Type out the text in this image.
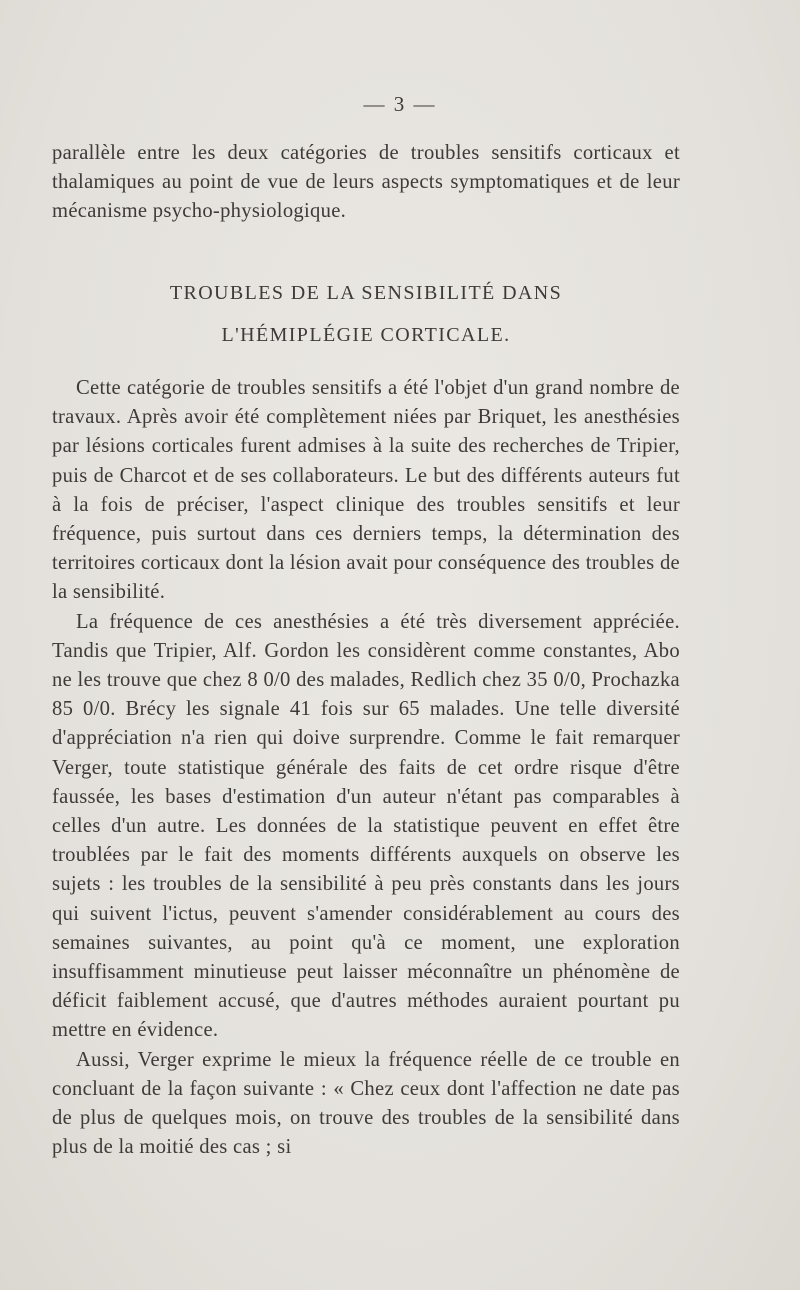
— 3 —
parallèle entre les deux catégories de troubles sensitifs corticaux et thalamiques au point de vue de leurs aspects symptomatiques et de leur mécanisme psycho-physiologique.
TROUBLES DE LA SENSIBILITÉ DANS
L'HÉMIPLÉGIE CORTICALE.

Cette catégorie de troubles sensitifs a été l'objet d'un grand nombre de travaux. Après avoir été complètement niées par Briquet, les anesthésies par lésions corticales furent admises à la suite des recherches de Tripier, puis de Charcot et de ses collaborateurs. Le but des différents auteurs fut à la fois de préciser, l'aspect clinique des troubles sensitifs et leur fréquence, puis surtout dans ces derniers temps, la détermination des territoires corticaux dont la lésion avait pour conséquence des troubles de la sensibilité.

La fréquence de ces anesthésies a été très diversement appréciée. Tandis que Tripier, Alf. Gordon les considèrent comme constantes, Abo ne les trouve que chez 8 0/0 des malades, Redlich chez 35 0/0, Prochazka 85 0/0. Brécy les signale 41 fois sur 65 malades. Une telle diversité d'appréciation n'a rien qui doive surprendre. Comme le fait remarquer Verger, toute statistique générale des faits de cet ordre risque d'être faussée, les bases d'estimation d'un auteur n'étant pas comparables à celles d'un autre. Les données de la statistique peuvent en effet être troublées par le fait des moments différents auxquels on observe les sujets : les troubles de la sensibilité à peu près constants dans les jours qui suivent l'ictus, peuvent s'amender considérablement au cours des semaines suivantes, au point qu'à ce moment, une exploration insuffisamment minutieuse peut laisser méconnaître un phénomène de déficit faiblement accusé, que d'autres méthodes auraient pourtant pu mettre en évidence.

Aussi, Verger exprime le mieux la fréquence réelle de ce trouble en concluant de la façon suivante : « Chez ceux dont l'affection ne date pas de plus de quelques mois, on trouve des troubles de la sensibilité dans plus de la moitié des cas ; si
